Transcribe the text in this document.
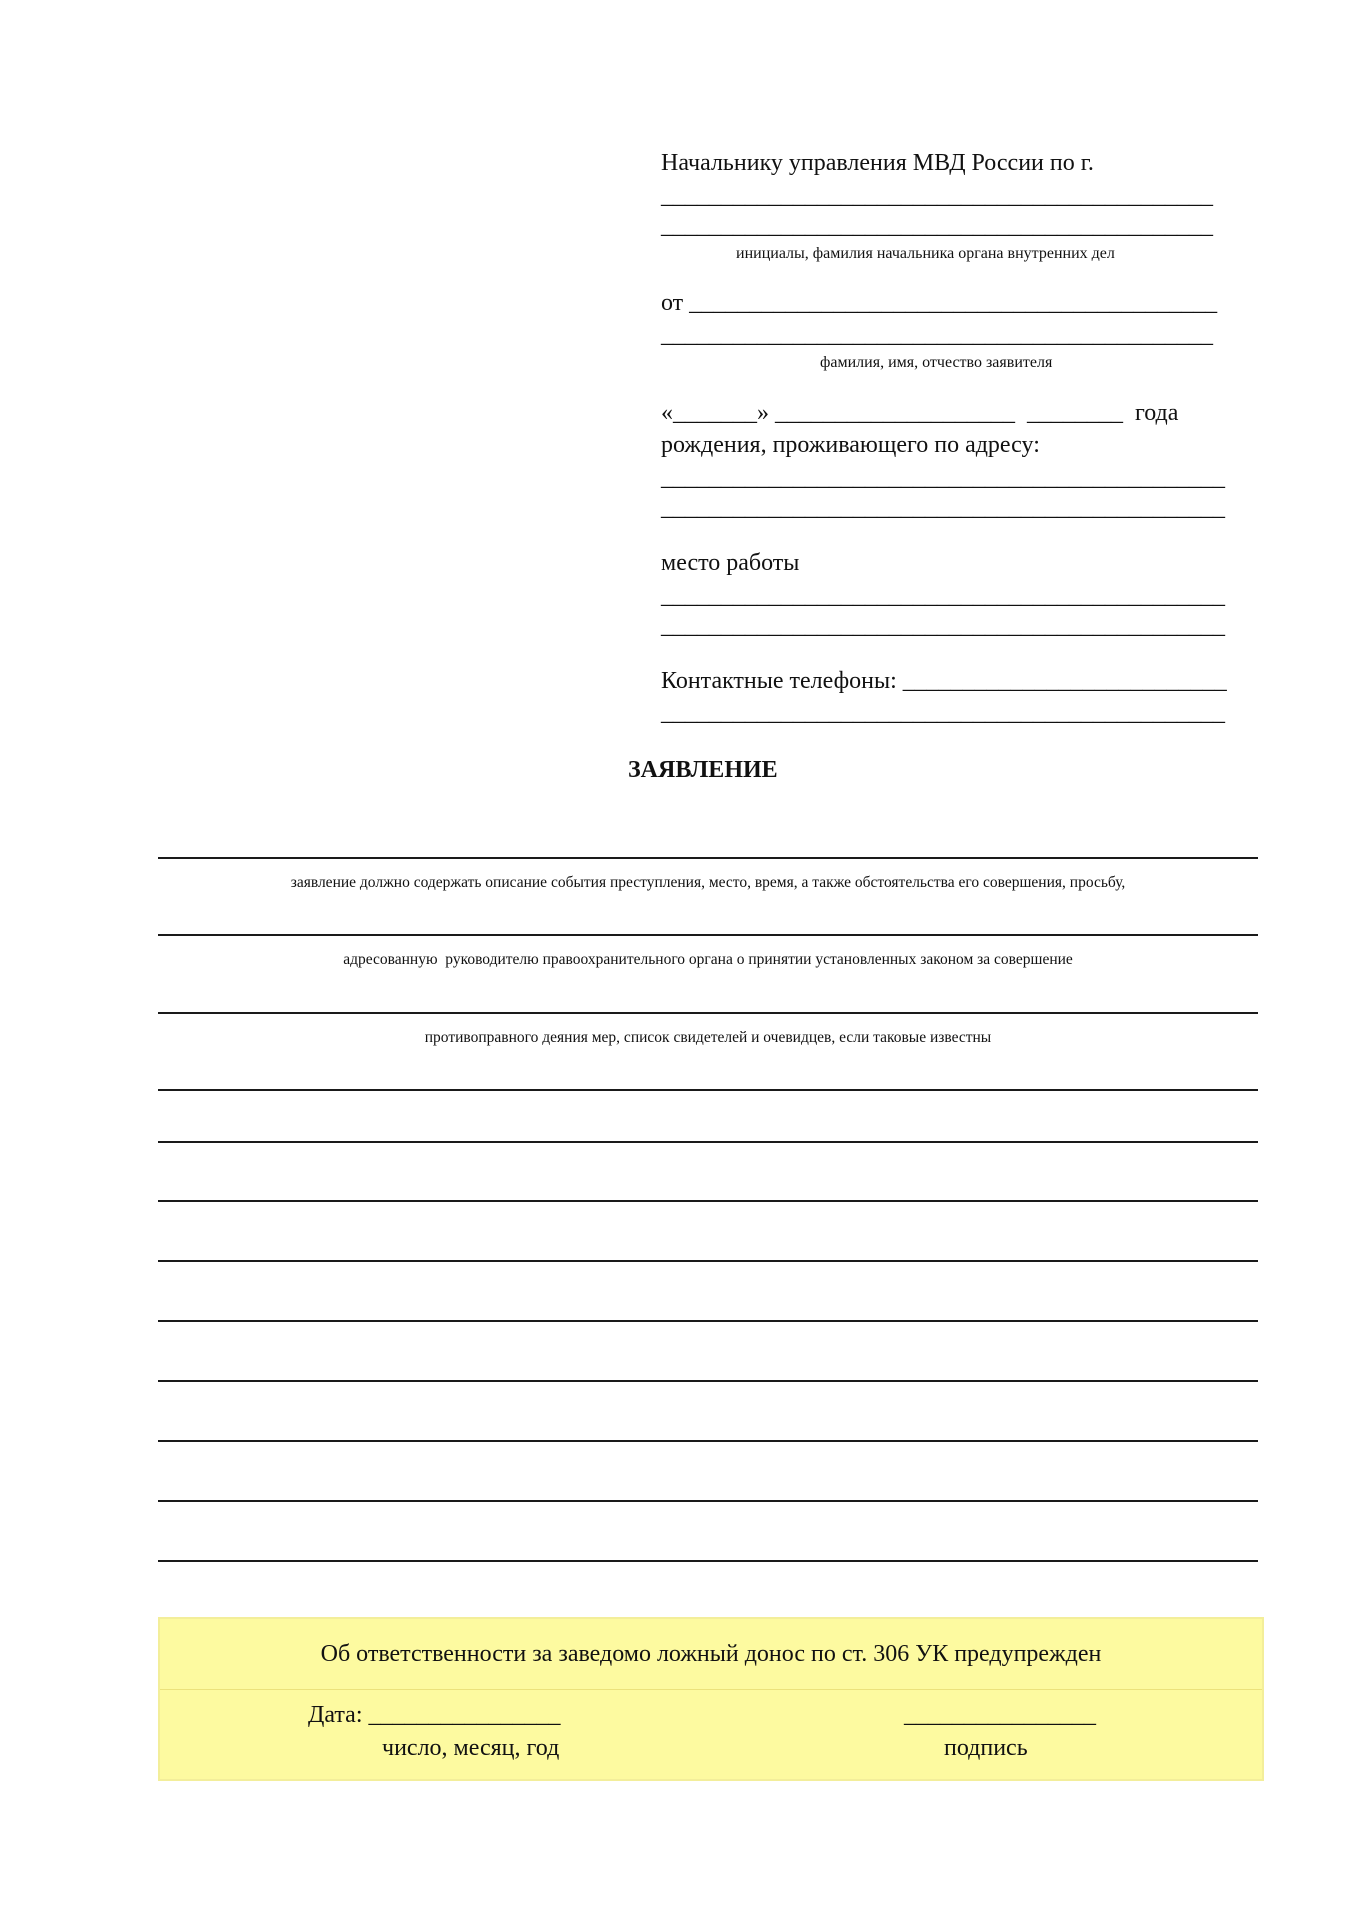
Начальнику управления МВД России по г.
______________________________________________
______________________________________________
инициалы, фамилия начальника органа внутренних дел
от ____________________________________________
______________________________________________
фамилия, имя, отчество заявителя
«_______» ____________________  ________  года
рождения, проживающего по адресу:
_______________________________________________
_______________________________________________
место работы
_______________________________________________
_______________________________________________
Контактные телефоны: ___________________________
_______________________________________________
ЗАЯВЛЕНИЕ
заявление должно содержать описание события преступления, место, время, а также обстоятельства его совершения, просьбу,
адресованную  руководителю правоохранительного органа о принятии установленных законом за совершение
противоправного деяния мер, список свидетелей и очевидцев, если таковые известны
Об ответственности за заведомо ложный донос по ст. 306 УК предупрежден
Дата: ________________
число, месяц, год
________________
подпись
